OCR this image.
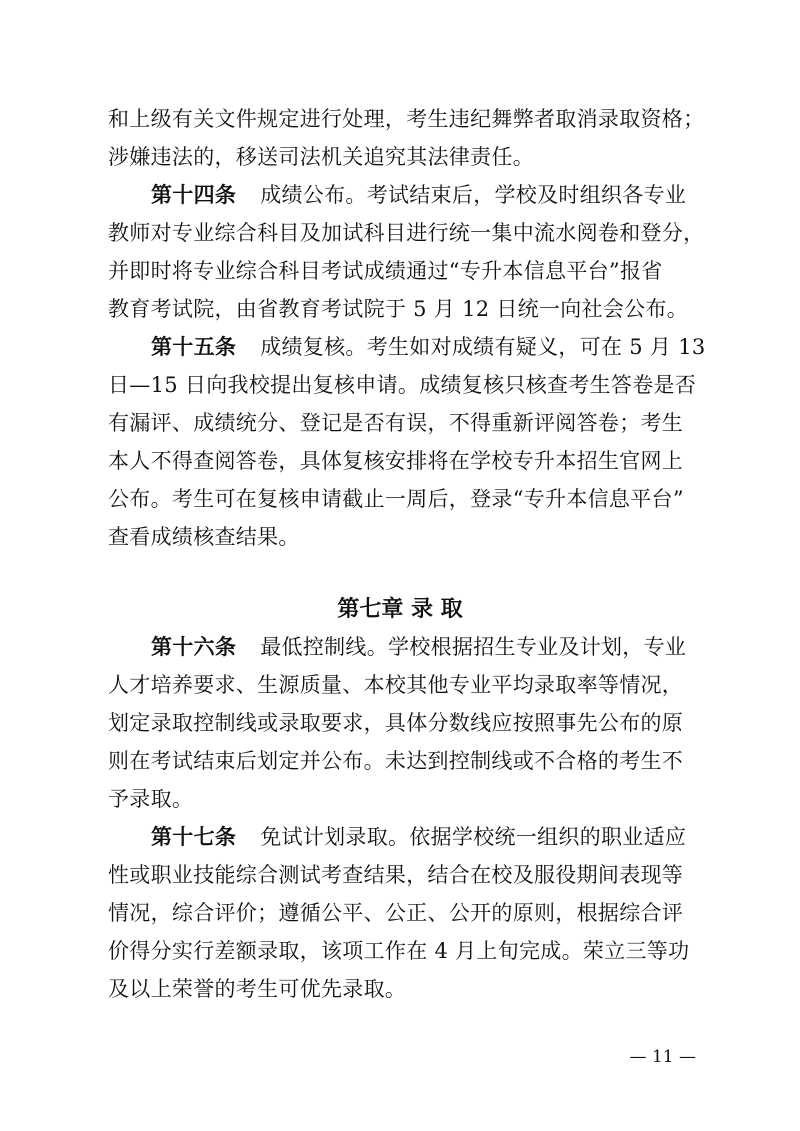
和上级有关文件规定进行处理，考生违纪舞弊者取消录取资格；
涉嫌违法的，移送司法机关追究其法律责任。
第十四条 成绩公布。考试结束后，学校及时组织各专业
教师对专业综合科目及加试科目进行统一集中流水阅卷和登分，
并即时将专业综合科目考试成绩通过“专升本信息平台”报省
教育考试院，由省教育考试院于 5 月 12 日统一向社会公布。
第十五条 成绩复核。考生如对成绩有疑义，可在 5 月 13
日—15 日向我校提出复核申请。成绩复核只核查考生答卷是否
有漏评、成绩统分、登记是否有误，不得重新评阅答卷；考生
本人不得查阅答卷，具体复核安排将在学校专升本招生官网上
公布。考生可在复核申请截止一周后，登录“专升本信息平台”
查看成绩核查结果。
第七章 录 取
第十六条 最低控制线。学校根据招生专业及计划，专业
人才培养要求、生源质量、本校其他专业平均录取率等情况，
划定录取控制线或录取要求，具体分数线应按照事先公布的原
则在考试结束后划定并公布。未达到控制线或不合格的考生不
予录取。
第十七条 免试计划录取。依据学校统一组织的职业适应
性或职业技能综合测试考查结果，结合在校及服役期间表现等
情况，综合评价；遵循公平、公正、公开的原则，根据综合评
价得分实行差额录取，该项工作在 4 月上旬完成。荣立三等功
及以上荣誉的考生可优先录取。
— 11 —
